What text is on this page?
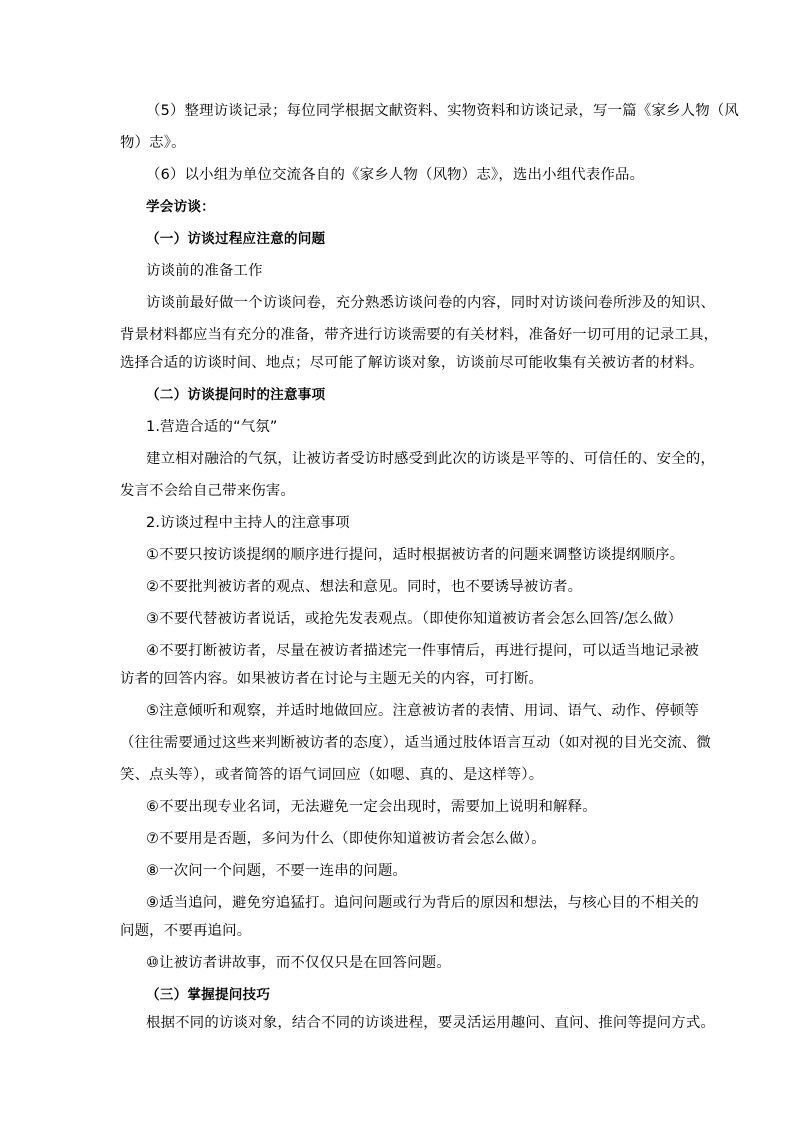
（5）整理访谈记录；每位同学根据文献资料、实物资料和访谈记录，写一篇《家乡人物（风
物）志》。
（6）以小组为单位交流各自的《家乡人物（风物）志》，选出小组代表作品。
学会访谈：
（一）访谈过程应注意的问题
访谈前的准备工作
访谈前最好做一个访谈问卷，充分熟悉访谈问卷的内容，同时对访谈问卷所涉及的知识、
背景材料都应当有充分的准备，带齐进行访谈需要的有关材料，准备好一切可用的记录工具，
选择合适的访谈时间、地点；尽可能了解访谈对象，访谈前尽可能收集有关被访者的材料。
（二）访谈提问时的注意事项
1.营造合适的“气氛”
建立相对融洽的气氛，让被访者受访时感受到此次的访谈是平等的、可信任的、安全的，
发言不会给自己带来伤害。
2.访谈过程中主持人的注意事项
①不要只按访谈提纲的顺序进行提问，适时根据被访者的问题来调整访谈提纲顺序。
②不要批判被访者的观点、想法和意见。同时，也不要诱导被访者。
③不要代替被访者说话，或抢先发表观点。（即使你知道被访者会怎么回答/怎么做）
④不要打断被访者，尽量在被访者描述完一件事情后，再进行提问，可以适当地记录被
访者的回答内容。如果被访者在讨论与主题无关的内容，可打断。
⑤注意倾听和观察，并适时地做回应。注意被访者的表情、用词、语气、动作、停顿等
（往往需要通过这些来判断被访者的态度），适当通过肢体语言互动（如对视的目光交流、微
笑、点头等），或者简答的语气词回应（如嗯、真的、是这样等）。
⑥不要出现专业名词，无法避免一定会出现时，需要加上说明和解释。
⑦不要用是否题，多问为什么（即使你知道被访者会怎么做）。
⑧一次问一个问题，不要一连串的问题。
⑨适当追问，避免穷追猛打。追问问题或行为背后的原因和想法，与核心目的不相关的
问题，不要再追问。
⑩让被访者讲故事，而不仅仅只是在回答问题。
（三）掌握提问技巧
根据不同的访谈对象，结合不同的访谈进程，要灵活运用趣问、直问、推问等提问方式。
